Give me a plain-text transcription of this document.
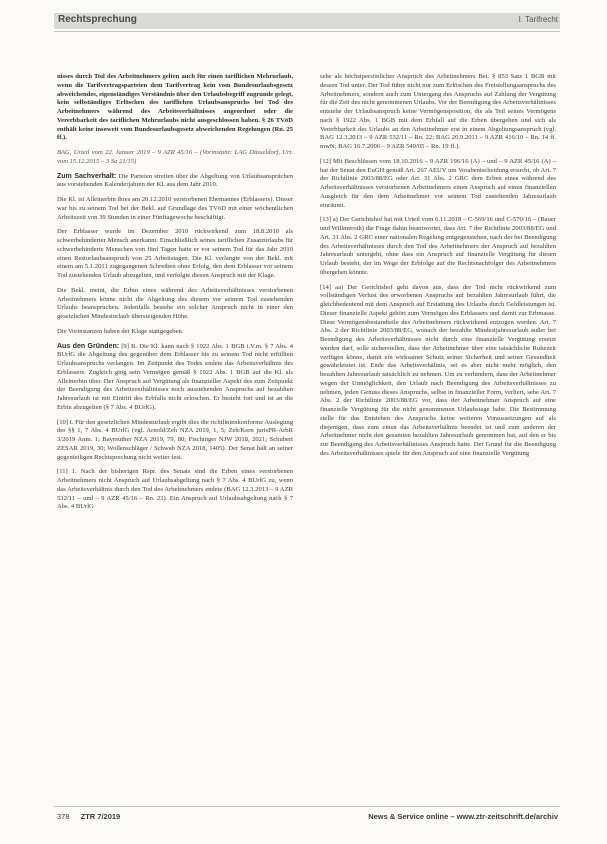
Rechtsprechung	I. Tarifrecht

nisses durch Tod des Arbeitnehmers gelten auch für einen tariflichen Mehrurlaub, wenn die Tarifvertragsparteien dem Tarifvertrag kein vom Bundesurlaubsgesetz abweichendes, eigenständiges Verständnis über den Urlaubsbegriff zugrunde gelegt, kein selbständiges Erlöschen des tariflichen Urlaubsanspruchs bei Tod des Arbeitnehmers während des Arbeitsverhältnisses angeordnet oder die Vererbbarkeit des tariflichen Mehrurlaubs nicht ausgeschlossen haben. § 26 TVöD enthält keine insoweit vom Bundesurlaubsgesetz abweichenden Regelungen (Rn. 25 ff.).

BAG, Urteil vom 22. Januar 2019 – 9 AZR 45/16 – (Vorinstanz: LAG Düsseldorf, Urt. vom 15.12.2015 – 3 Sa 21/15)

Zum Sachverhalt: Die Parteien streiten über die Abgeltung von Urlaubsansprüchen aus vorstehenden Kalenderjahren der Kl. aus dem Jahr 2010.

Die Kl. ist Alleinerbin ihres am 20.12.2010 verstorbenen Ehemannes (Erblassers). Dieser war bis zu seinem Tod bei der Bekl. auf Grundlage des TVöD mit einer wöchentlichen Arbeitszeit von 39 Stunden in einer Fünftagewoche beschäftigt.

Der Erblasser wurde im Dezember 2010 rückwirkend zum 18.8.2010 als schwerbehinderter Mensch anerkannt. Einschließlich seines tariflichen Zusatzurlaubs für schwerbehinderte Menschen von fünf Tagen hatte er vor seinem Tod für das Jahr 2010 einen Resturlaubsanspruch von 25 Arbeitstagen. Die Kl. verlangte von der Bekl. mit einem am 5.1.2011 zugegangenen Schreiben ohne Erfolg, den dem Erblasser vor seinem Tod zustehenden Urlaub abzugelten, und verfolgte diesen Anspruch mit der Klage.

Die Bekl. meint, die Erbin eines während des Arbeitsverhältnisses verstorbenen Arbeitnehmers könne nicht die Abgeltung des diesem vor seinem Tod zustehenden Urlaubs beanspruchen. Jedenfalls bestehe ein solcher Anspruch nicht in einer den gesetzlichen Mindesturlaub übersteigenden Höhe.

Die Vorinstanzen haben der Klage stattgegeben.

Aus den Gründen: [9] B. Die Kl. kann nach § 1922 Abs. 1 BGB i.V.m. § 7 Abs. 4 BUrlG die Abgeltung des gegenüber dem Erblasser bis zu seinem Tod nicht erfüllten Urlaubsanspruchs verlangen. Im Zeitpunkt des Todes endete das Arbeitsverhältnis des Erblassers. Zugleich ging sein Vermögen gemäß § 1922 Abs. 1 BGB auf die Kl. als Alleinerbin über. Der Anspruch auf Vergütung als finanzieller Aspekt des zum Zeitpunkt der Beendigung des Arbeitsverhältnisses noch ausstehenden Anspruchs auf bezahlten Jahresurlaub ist mit Eintritt des Erbfalls nicht erloschen. Er besteht fort und ist an die Erbin abzugelten (§ 7 Abs. 4 BUrlG).

[10] I. Für den gesetzlichen Mindesturlaub ergibt dies die richtlinienkonforme Auslegung der §§ 1, 7 Abs. 4 BUrlG (vgl. Arnold/Zeh NZA 2019, 1, 5; Zeh/Kern jurisPR-ArbR 3/2019 Anm. 1; Bayreuther NZA 2019, 79, 80; Fischinger NJW 2018, 2021; Schubert ZESAR 2019, 30; Wollenschläger / Schwab NZA 2018, 1405). Der Senat hält an seiner gegenteiligen Rechtsprechung nicht weiter fest.

[11] 1. Nach der bisherigen Rspr. des Senats sind die Erben eines verstorbenen Arbeitnehmers nicht Anspruch auf Urlaubsabgeltung nach § 7 Abs. 4 BUrlG zu, wenn das Arbeitsverhältnis durch den Tod des Arbeitnehmers endete (BAG 12.3.2013 – 9 AZR 532/11 – und – 9 AZR 45/16 – Rn. 23). Ein Anspruch auf Urlaubsabgeltung nach § 7 Abs. 4 BUrlG

sehe als höchstpersönlicher Anspruch des Arbeitnehmers Bei. § 853 Satz 1 BGB mit dessen Tod unter. Der Tod führe nicht nur zum Erlöschen des Freistellungsanspruchs des Arbeitnehmers, sondern auch zum Untergang des Anspruchs auf Zahlung der Vergütung für die Zeit des nicht genommenen Urlaubs. Vor der Beendigung des Arbeitsverhältnisses entstehe der Urlaubsanspruch keine Vermögensposition, die als Teil seines Vermögens nach § 1922 Abs. 1 BGB mit dem Erbfall auf die Erben übergehen und sich als Vererbbarkeit des Urlaubs an den Arbeitnehmer erst in einem Abgeltungsanspruch (vgl. BAG 12.3.2013 – 9 AZR 532/11 – Rn. 22; BAG 20.9.2011 – 9 AZR 416/10 – Rn. 14 ff. mwN; BAG 16.7.2006 – 9 AZR 549/05 – Rn. 19 ff.).

[12] Mit Beschlüssen vom 18.10.2016 – 9 AZR 196/16 (A) – und – 9 AZR 45/16 (A) – hat der Senat den EuGH gemäß Art. 267 AEUV um Vorabentscheidung ersucht, ob Art. 7 der Richtlinie 2003/88/EG oder Art. 31 Abs. 2 GRC dem Erben eines während des Arbeitsverhältnisses verstorbenen Arbeitnehmers einen Anspruch auf einen finanziellen Ausgleich für den dem Arbeitnehmer vor seinem Tod zustehenden Jahresurlaub einräumt.

[13] a) Der Gerichtshof hat mit Urteil vom 6.11.2018 – C-569/16 und C-570/16 – (Bauer und Willmeroth) die Frage dahin beantwortet, dass Art. 7 der Richtlinie 2003/88/EG und Art. 31 Abs. 2 GRC einer nationalen Regelung entgegenstehen, nach der bei Beendigung des Arbeitsverhältnisses durch den Tod des Arbeitnehmers der Anspruch auf bezahlten Jahresurlaub untergeht, ohne dass ein Anspruch auf finanzielle Vergütung für diesen Urlaub besteht, der im Wege der Erbfolge auf die Rechtsnachfolger des Arbeitnehmers übergehen könnte.

[14] aa) Der Gerichtshof geht davon aus, dass der Tod nicht rückwirkend zum vollständigen Verlust des erworbenen Anspruchs auf bezahlten Jahresurlaub führt, die gleichbedeutend mit dem Anspruch auf Erstattung des Urlaubs durch Geldleistungen ist. Dieser finanzielle Aspekt gehört zum Vermögen des Erblassers und damit zur Erbmasse. Diese Vermögensbestandteile des Arbeitnehmers rückwirkend entzogen werden. Art. 7 Abs. 2 der Richtlinie 2003/88/EG, wonach der bezahlte Mindestjahresurlaub außer bei Beendigung des Arbeitsverhältnisses nicht durch eine finanzielle Vergütung ersetzt werden darf, solle sicherstellen, dass der Arbeitnehmer über eine tatsächliche Ruhezeit verfügen könne, damit ein wirksamer Schutz seiner Sicherheit und seiner Gesundheit gewährleistet ist. Ende das Arbeitsverhältnis, sei es aber nicht mehr möglich, den bezahlten Jahresurlaub tatsächlich zu nehmen. Um zu verhindern, dass der Arbeitnehmer wegen der Unmöglichkeit, den Urlaub nach Beendigung des Arbeitsverhältnisses zu nehmen, jeden Genuss dieses Anspruchs, selbst in finanzieller Form, verliert, sehe Art. 7 Abs. 2 der Richtlinie 2003/88/EG vor, dass der Arbeitnehmer Anspruch auf eine finanzielle Vergütung für die nicht genommenen Urlaubstage habe. Die Bestimmung stelle für das Entstehen des Anspruchs keine weiteren Voraussetzungen auf als diejenigen, dass zum einen das Arbeitsverhältnis beendet ist und zum anderen der Arbeitnehmer nicht den gesamten bezahlten Jahresurlaub genommen hat, auf den er bis zur Beendigung des Arbeitsverhältnisses Anspruch hatte. Der Grund für die Beendigung des Arbeitsverhältnisses spiele für den Anspruch auf eine finanzielle Vergütung

378 ZTR 7/2019	News & Service online – www.ztr-zeitschrift.de/archiv
